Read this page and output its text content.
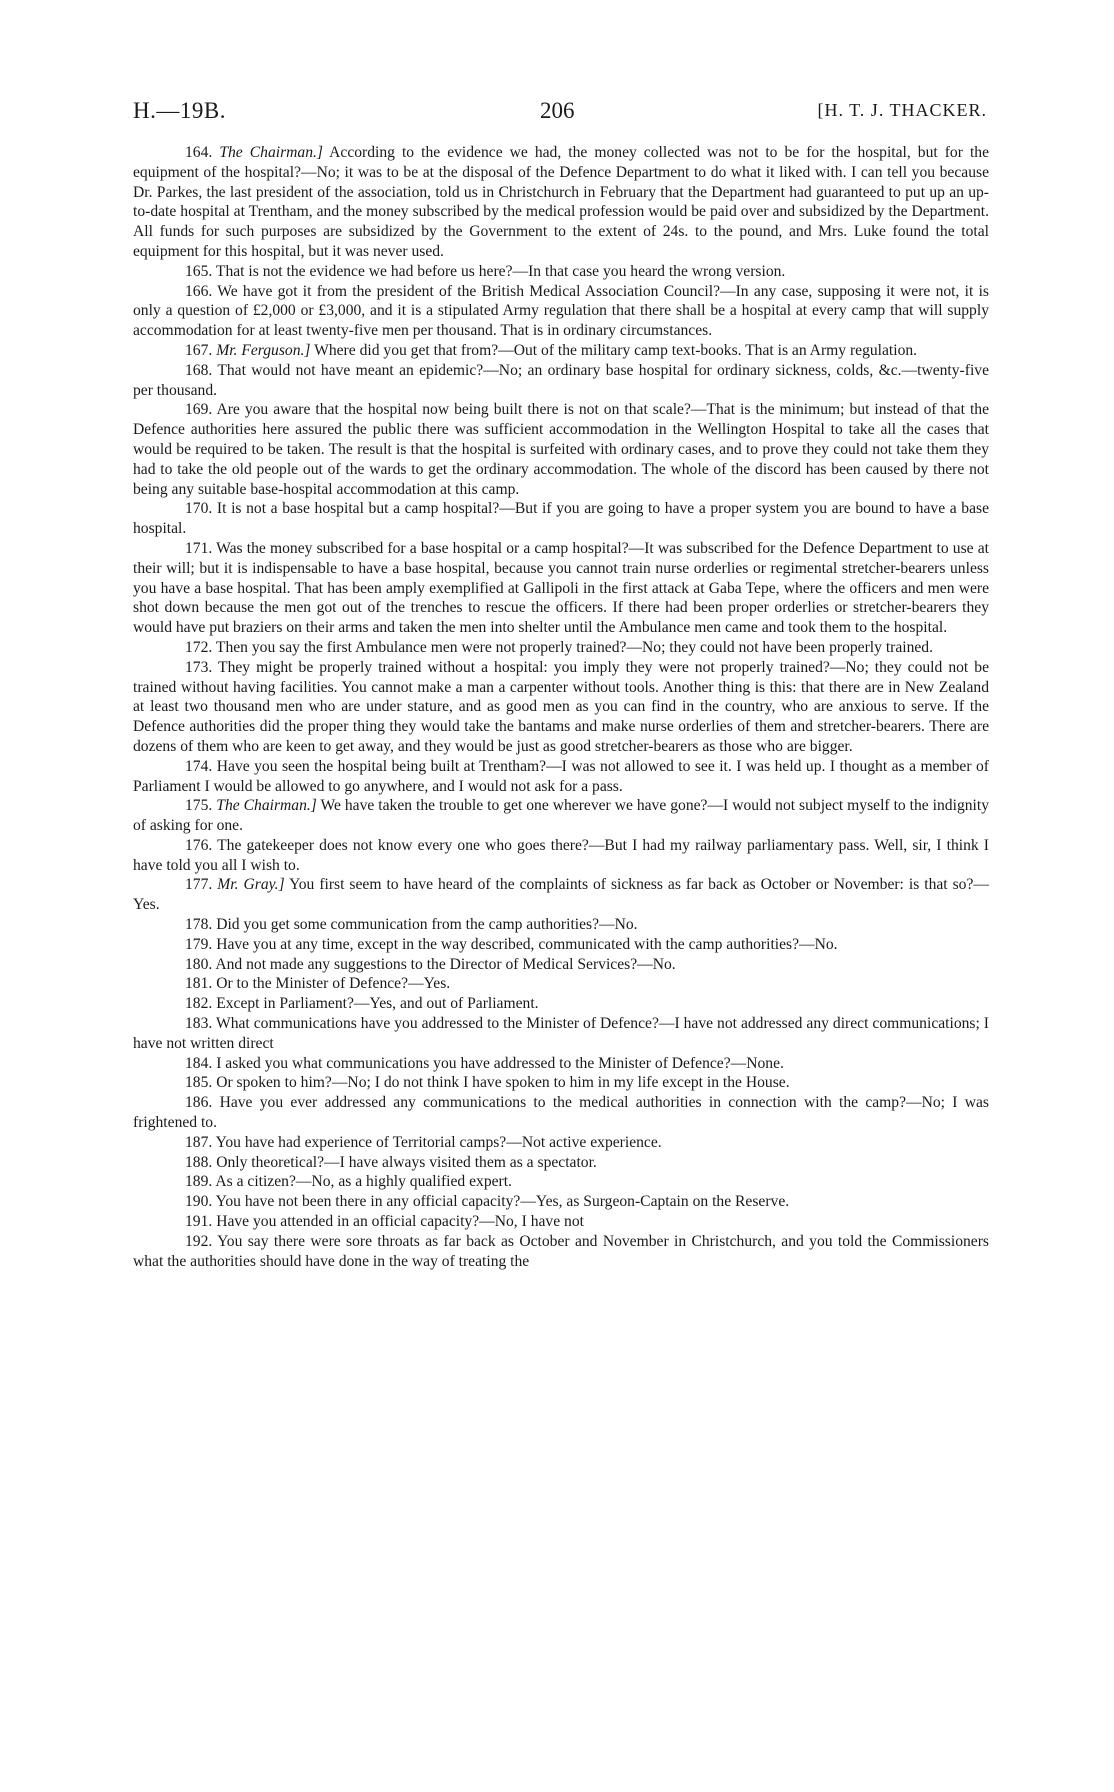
H.—19B.	206	[H. T. J. THACKER.

164. The Chairman.] According to the evidence we had, the money collected was not to be for the hospital, but for the equipment of the hospital?—No; it was to be at the disposal of the Defence Department to do what it liked with. I can tell you because Dr. Parkes, the last president of the association, told us in Christchurch in February that the Department had guaranteed to put up an up-to-date hospital at Trentham, and the money subscribed by the medical profession would be paid over and subsidized by the Department. All funds for such purposes are subsidized by the Government to the extent of 24s. to the pound, and Mrs. Luke found the total equipment for this hospital, but it was never used.

165. That is not the evidence we had before us here?—In that case you heard the wrong version.

166. We have got it from the president of the British Medical Association Council?—In any case, supposing it were not, it is only a question of £2,000 or £3,000, and it is a stipulated Army regulation that there shall be a hospital at every camp that will supply accommodation for at least twenty-five men per thousand. That is in ordinary circumstances.

167. Mr. Ferguson.] Where did you get that from?—Out of the military camp text-books. That is an Army regulation.

168. That would not have meant an epidemic?—No; an ordinary base hospital for ordinary sickness, colds, &c.—twenty-five per thousand.

169. Are you aware that the hospital now being built there is not on that scale?—That is the minimum; but instead of that the Defence authorities here assured the public there was sufficient accommodation in the Wellington Hospital to take all the cases that would be required to be taken. The result is that the hospital is surfeited with ordinary cases, and to prove they could not take them they had to take the old people out of the wards to get the ordinary accommodation. The whole of the discord has been caused by there not being any suitable base-hospital accommodation at this camp.

170. It is not a base hospital but a camp hospital?—But if you are going to have a proper system you are bound to have a base hospital.

171. Was the money subscribed for a base hospital or a camp hospital?—It was subscribed for the Defence Department to use at their will; but it is indispensable to have a base hospital, because you cannot train nurse orderlies or regimental stretcher-bearers unless you have a base hospital. That has been amply exemplified at Gallipoli in the first attack at Gaba Tepe, where the officers and men were shot down because the men got out of the trenches to rescue the officers. If there had been proper orderlies or stretcher-bearers they would have put braziers on their arms and taken the men into shelter until the Ambulance men came and took them to the hospital.

172. Then you say the first Ambulance men were not properly trained?—No; they could not have been properly trained.

173. They might be properly trained without a hospital: you imply they were not properly trained?—No; they could not be trained without having facilities. You cannot make a man a carpenter without tools. Another thing is this: that there are in New Zealand at least two thousand men who are under stature, and as good men as you can find in the country, who are anxious to serve. If the Defence authorities did the proper thing they would take the bantams and make nurse orderlies of them and stretcher-bearers. There are dozens of them who are keen to get away, and they would be just as good stretcher-bearers as those who are bigger.

174. Have you seen the hospital being built at Trentham?—I was not allowed to see it. I was held up. I thought as a member of Parliament I would be allowed to go anywhere, and I would not ask for a pass.

175. The Chairman.] We have taken the trouble to get one wherever we have gone?—I would not subject myself to the indignity of asking for one.

176. The gatekeeper does not know every one who goes there?—But I had my railway parliamentary pass. Well, sir, I think I have told you all I wish to.

177. Mr. Gray.] You first seem to have heard of the complaints of sickness as far back as October or November: is that so?—Yes.

178. Did you get some communication from the camp authorities?—No.

179. Have you at any time, except in the way described, communicated with the camp authorities?—No.

180. And not made any suggestions to the Director of Medical Services?—No.

181. Or to the Minister of Defence?—Yes.

182. Except in Parliament?—Yes, and out of Parliament.

183. What communications have you addressed to the Minister of Defence?—I have not addressed any direct communications; I have not written direct

184. I asked you what communications you have addressed to the Minister of Defence?—None.

185. Or spoken to him?—No; I do not think I have spoken to him in my life except in the House.

186. Have you ever addressed any communications to the medical authorities in connection with the camp?—No; I was frightened to.

187. You have had experience of Territorial camps?—Not active experience.

188. Only theoretical?—I have always visited them as a spectator.

189. As a citizen?—No, as a highly qualified expert.

190. You have not been there in any official capacity?—Yes, as Surgeon-Captain on the Reserve.

191. Have you attended in an official capacity?—No, I have not

192. You say there were sore throats as far back as October and November in Christchurch, and you told the Commissioners what the authorities should have done in the way of treating the
